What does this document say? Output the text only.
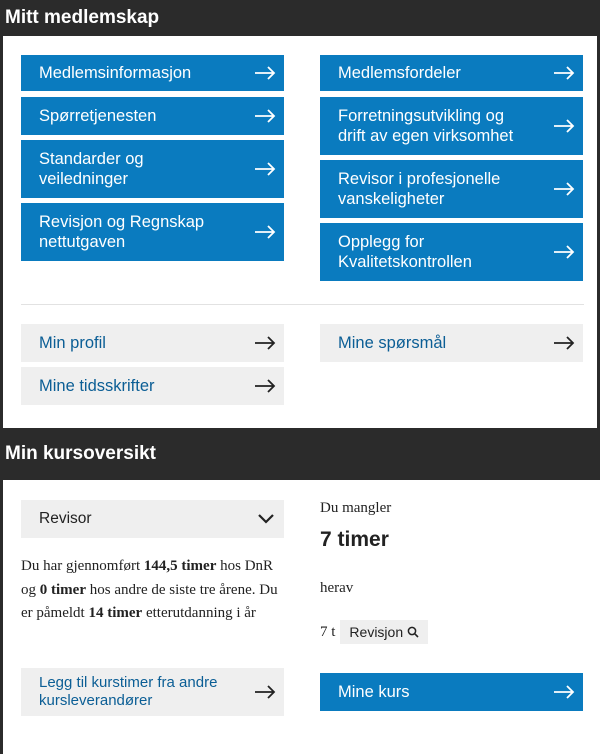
Mitt medlemskap
Medlemsinformasjon
Spørretjenesten
Standarder og
veiledninger
Revisjon og Regnskap
nettutgaven
Medlemsfordeler
Forretningsutvikling og
drift av egen virksomhet
Revisor i profesjonelle
vanskeligheter
Opplegg for
Kvalitetskontrollen
Min profil	Mine spørsmål
Mine tidsskrifter
Min kursoversikt
Revisor

Du har gjennomført 144,5 timer hos DnR og 0 timer hos andre de siste tre årene. Du er påmeldt 14 timer etterutdanning i år

Du mangler
7 timer
herav
7 t Revisjon
Legg til kurstimer fra andre
kursleverandører	Mine kurs
